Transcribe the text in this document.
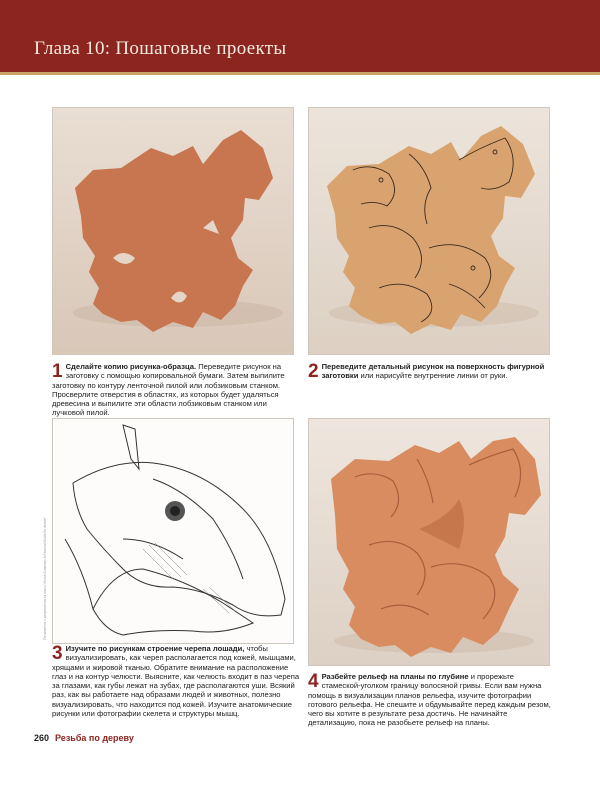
Глава 10: Пошаговые проекты
1 Сделайте копию рисунка-образца. Переведите рисунок на заготовку с помощью копировальной бумаги. Затем выпилите заготовку по контуру ленточной пилой или лобзиковым станком. Просверлите отверстия в областях, из которых будет удаляться древесина и выпилите эти области лобзиковым станком или лучковой пилой.
2 Переведите детальный рисунок на поверхность фигурной заготовки или нарисуйте внутренние линии от руки.
Печатается с разрешения из книги “Horse Anatomy: A Pictorial Guide for Artists”
3 Изучите по рисункам строение черепа лошади, чтобы визуализировать, как череп располагается под кожей, мышцами, хрящами и жировой тканью. Обратите внимание на расположение глаз и на контур челюсти. Выясните, как челюсть входит в паз черепа за глазами, как губы лежат на зубах, где располагаются уши. Всякий раз, как вы работаете над образами людей и животных, полезно визуализировать, что находится под кожей. Изучите анатомические рисунки или фотографии скелета и структуры мышц.
4 Разбейте рельеф на планы по глубине и прорежьте стамеской-уголком границу волосяной гривы. Если вам нужна помощь в визуализации планов рельефа, изучите фотографии готового рельефа. Не спешите и обдумывайте перед каждым резом, чего вы хотите в результате реза достичь. Не начинайте детализацию, пока не разобьете рельеф на планы.
260 Резьба по дереву
